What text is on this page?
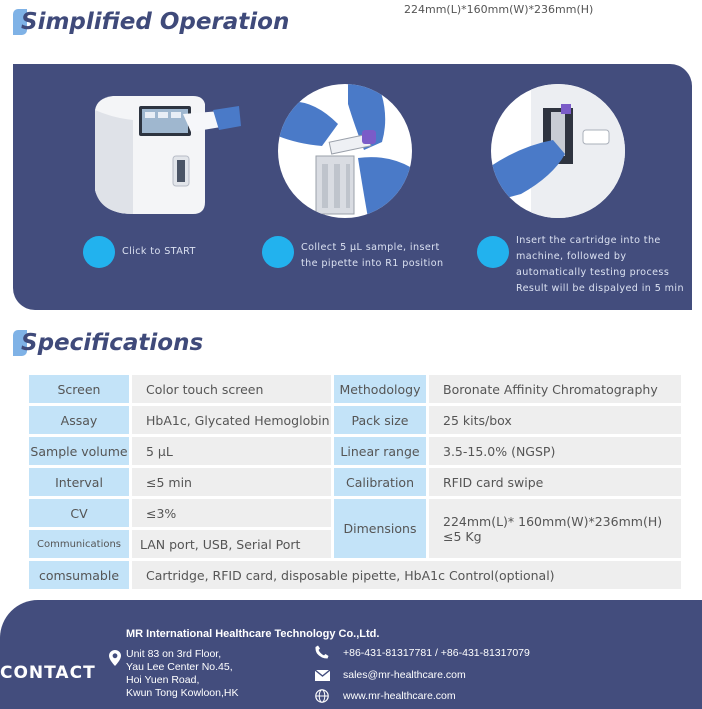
224mm(L)*160mm(W)*236mm(H)
Simplified Operation
Click to START	Collect 5 µL sample, insert
the pipette into R1 position
Insert the cartridge into the
machine, followed by
automatically testing process
Result will be dispalyed in 5 min
Specifications
Screen	Color touch screen	Methodology	Boronate Affinity Chromatography
Assay	HbA1c, Glycated Hemoglobin	Pack size	25 kits/box
Sample volume	5 µL	Linear range	3.5-15.0% (NGSP)
Interval	≤5 min	Calibration	RFID card swipe
CV	≤3%	Dimensions	224mm(L)* 160mm(W)*236mm(H)
≤5 Kg

Communications	LAN port, USB, Serial Port		
comsumable	Cartridge, RFID card, disposable pipette, HbA1c Control(optional)		
MR International Healthcare Technology Co.,Ltd.
Unit 83 on 3rd Floor,
Yau Lee Center No.45,
Hoi Yuen Road,
Kwun Tong Kowloon,HK
CONTACT
+86-431-81317781 / +86-431-81317079
sales@mr-healthcare.com
www.mr-healthcare.com
